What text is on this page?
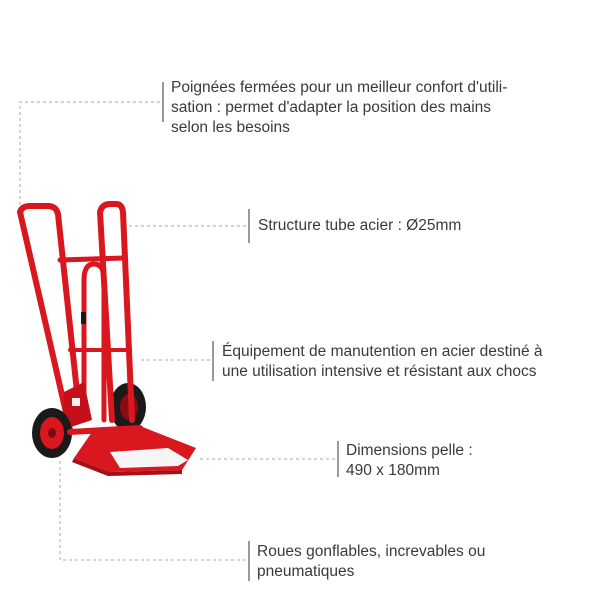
Poignées fermées pour un meilleur confort d'utili-
sation : permet d'adapter la position des mains
selon les besoins
Structure tube acier : Ø25mm
Équipement de manutention en acier destiné à
une utilisation intensive et résistant aux chocs
Dimensions pelle :
490 x 180mm
Roues gonflables, increvables ou
pneumatiques
